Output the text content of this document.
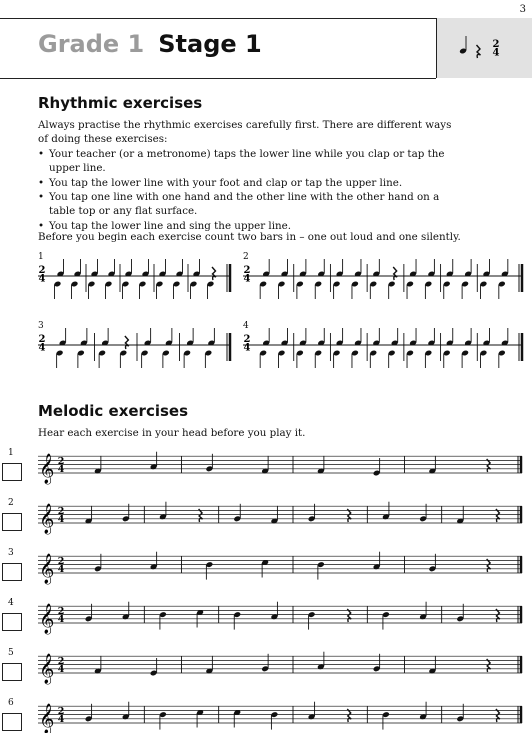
3
Grade 1 Stage 1
Rhythmic exercises

Always practise the rhythmic exercises carefully first. There are different ways of doing these exercises:

• Your teacher (or a metronome) taps the lower line while you clap or tap the upper line.
• You tap the lower line with your foot and clap or tap the upper line.
• You tap one line with one hand and the other line with the other hand on a table top or any flat surface.
• You tap the lower line and sing the upper line.
Before you begin each exercise count two bars in – one out loud and one silently.
1	2
3	4
Melodic exercises
Hear each exercise in your head before you play it.
1
2
3
4
5
6
2
4
2
4
2
4
2
4
2
4
𝄞 2
4
𝄞 2
4
𝄞 2
4
𝄞 2
4
𝄞 2
4
𝄞 2
4
